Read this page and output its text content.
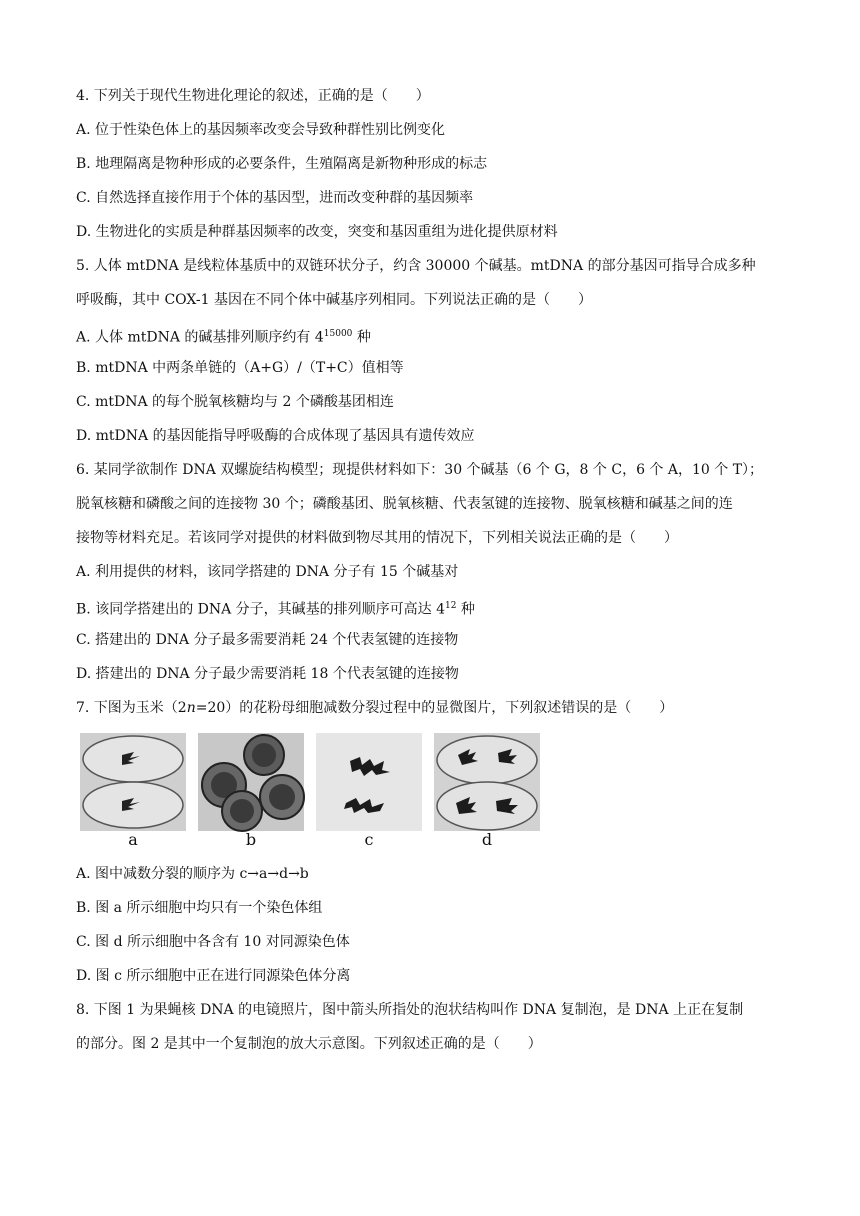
4. 下列关于现代生物进化理论的叙述，正确的是（　　）
A. 位于性染色体上的基因频率改变会导致种群性别比例变化
B. 地理隔离是物种形成的必要条件，生殖隔离是新物种形成的标志
C. 自然选择直接作用于个体的基因型，进而改变种群的基因频率
D. 生物进化的实质是种群基因频率的改变，突变和基因重组为进化提供原材料
5. 人体 mtDNA 是线粒体基质中的双链环状分子，约含 30000 个碱基。mtDNA 的部分基因可指导合成多种
呼吸酶，其中 COX-1 基因在不同个体中碱基序列相同。下列说法正确的是（　　）
A. 人体 mtDNA 的碱基排列顺序约有 $4^{15000}$ 种
B. mtDNA 中两条单链的（A+G）/（T+C）值相等
C. mtDNA 的每个脱氧核糖均与 2 个磷酸基团相连
D. mtDNA 的基因能指导呼吸酶的合成体现了基因具有遗传效应
6. 某同学欲制作 DNA 双螺旋结构模型；现提供材料如下：30 个碱基（6 个 G，8 个 C，6 个 A，10 个 T）；
脱氧核糖和磷酸之间的连接物 30 个；磷酸基团、脱氧核糖、代表氢键的连接物、脱氧核糖和碱基之间的连
接物等材料充足。若该同学对提供的材料做到物尽其用的情况下，下列相关说法正确的是（　　）
A. 利用提供的材料，该同学搭建的 DNA 分子有 15 个碱基对
B. 该同学搭建出的 DNA 分子，其碱基的排列顺序可高达 $4^{12}$ 种
C. 搭建出的 DNA 分子最多需要消耗 24 个代表氢键的连接物
D. 搭建出的 DNA 分子最少需要消耗 18 个代表氢键的连接物
7. 下图为玉米（2n=20）的花粉母细胞减数分裂过程中的显微图片，下列叙述错误的是（　　）
a	b	c	d
A. 图中减数分裂的顺序为 c→a→d→b
B. 图 a 所示细胞中均只有一个染色体组
C. 图 d 所示细胞中各含有 10 对同源染色体
D. 图 c 所示细胞中正在进行同源染色体分离
8. 下图 1 为果蝇核 DNA 的电镜照片，图中箭头所指处的泡状结构叫作 DNA 复制泡，是 DNA 上正在复制
的部分。图 2 是其中一个复制泡的放大示意图。下列叙述正确的是（　　）
